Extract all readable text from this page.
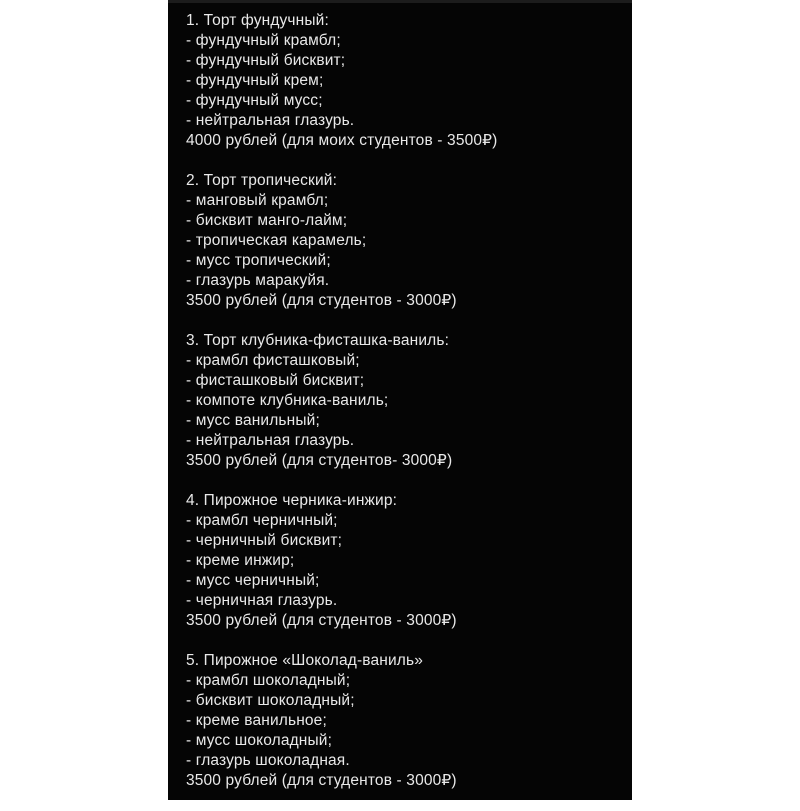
1. Торт фундучный:
- фундучный крамбл;
- фундучный бисквит;
- фундучный крем;
- фундучный мусс;
- нейтральная глазурь.
4000 рублей (для моих студентов - 3500₽)
2. Торт тропический:
- манговый крамбл;
- бисквит манго-лайм;
- тропическая карамель;
- мусс тропический;
- глазурь маракуйя.
3500 рублей (для студентов - 3000₽)
3. Торт клубника-фисташка-ваниль:
- крамбл фисташковый;
- фисташковый бисквит;
- компоте клубника-ваниль;
- мусс ванильный;
- нейтральная глазурь.
3500 рублей (для студентов- 3000₽)
4. Пирожное черника-инжир:
- крамбл черничный;
- черничный бисквит;
- креме инжир;
- мусс черничный;
- черничная глазурь.
3500 рублей (для студентов - 3000₽)
5. Пирожное «Шоколад-ваниль»
- крамбл шоколадный;
- бисквит шоколадный;
- креме ванильное;
- мусс шоколадный;
- глазурь шоколадная.
3500 рублей (для студентов - 3000₽)
